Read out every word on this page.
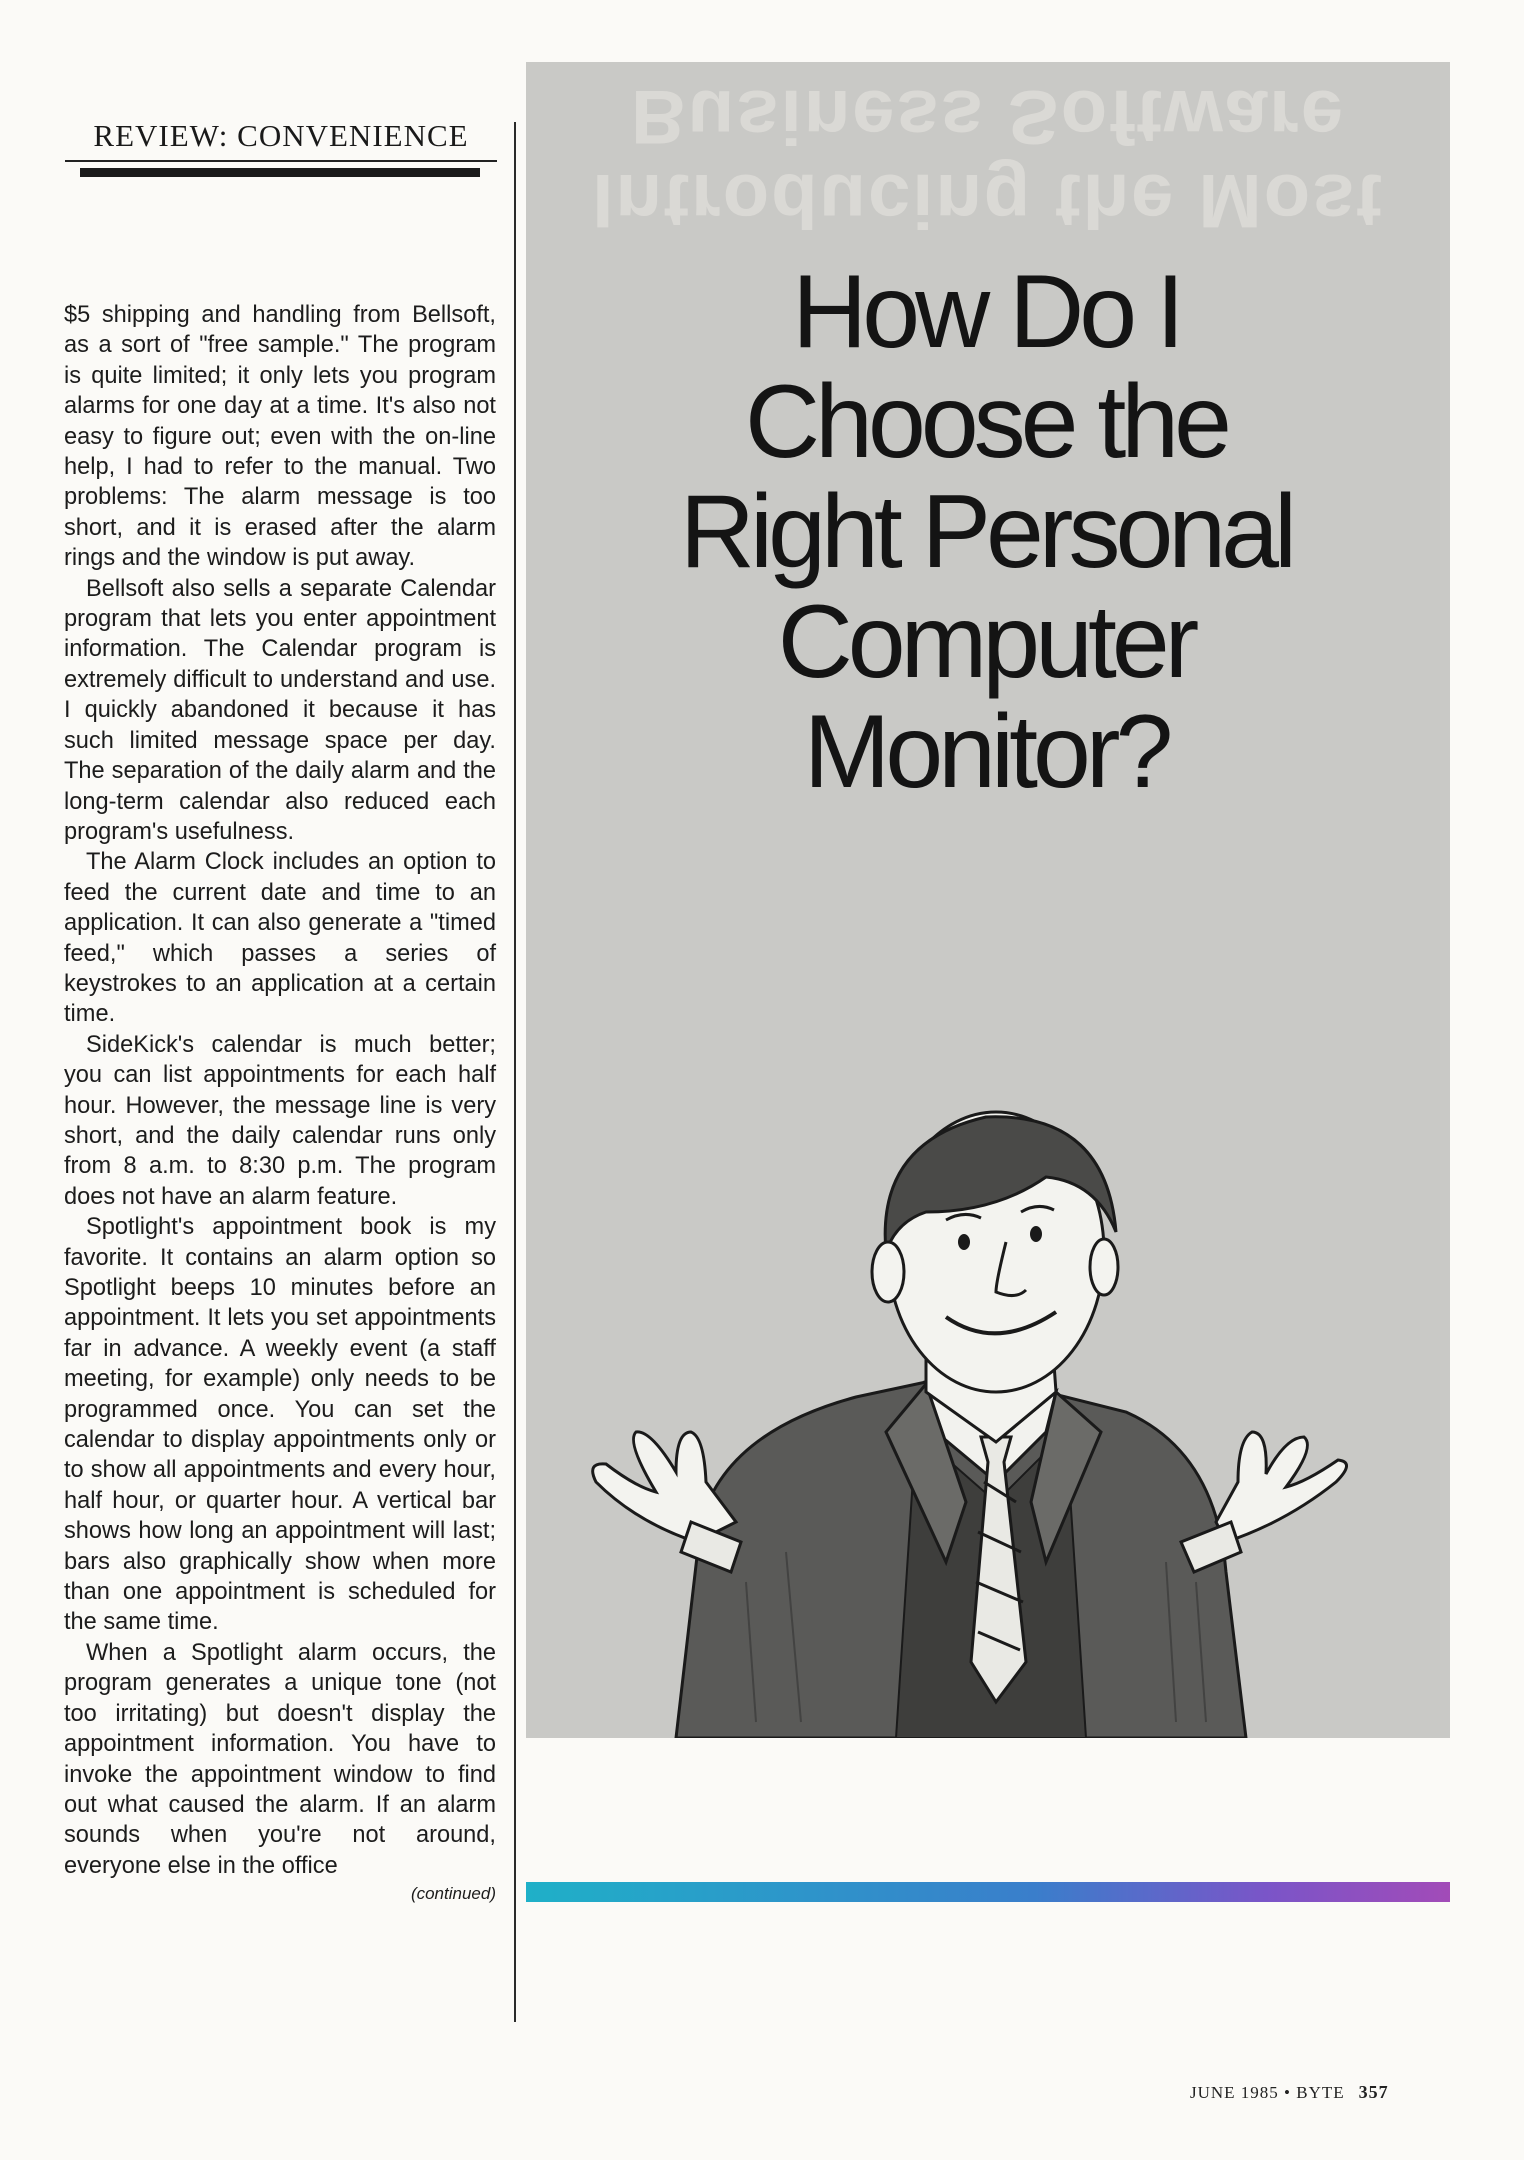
REVIEW: CONVENIENCE

$5 shipping and handling from Bellsoft, as a sort of "free sample." The program is quite limited; it only lets you program alarms for one day at a time. It's also not easy to figure out; even with the on-line help, I had to refer to the manual. Two problems: The alarm message is too short, and it is erased after the alarm rings and the window is put away.

Bellsoft also sells a separate Calendar program that lets you enter appointment information. The Calendar program is extremely difficult to understand and use. I quickly abandoned it because it has such limited message space per day. The separation of the daily alarm and the long-term calendar also reduced each program's usefulness.

The Alarm Clock includes an option to feed the current date and time to an application. It can also generate a "timed feed," which passes a series of keystrokes to an application at a certain time.

SideKick's calendar is much better; you can list appointments for each half hour. However, the message line is very short, and the daily calendar runs only from 8 a.m. to 8:30 p.m. The program does not have an alarm feature.

Spotlight's appointment book is my favorite. It contains an alarm option so Spotlight beeps 10 minutes before an appointment. It lets you set appointments far in advance. A weekly event (a staff meeting, for example) only needs to be programmed once. You can set the calendar to display appointments only or to show all appointments and every hour, half hour, or quarter hour. A vertical bar shows how long an appointment will last; bars also graphically show when more than one appointment is scheduled for the same time.

When a Spotlight alarm occurs, the program generates a unique tone (not too irritating) but doesn't display the appointment information. You have to invoke the appointment window to find out what caused the alarm. If an alarm sounds when you're not around, everyone else in the office

(continued)
Introducing the Most
Business Software
How Do I
Choose the
Right Personal
Computer
Monitor?
JUNE 1985 • BYTE 357
